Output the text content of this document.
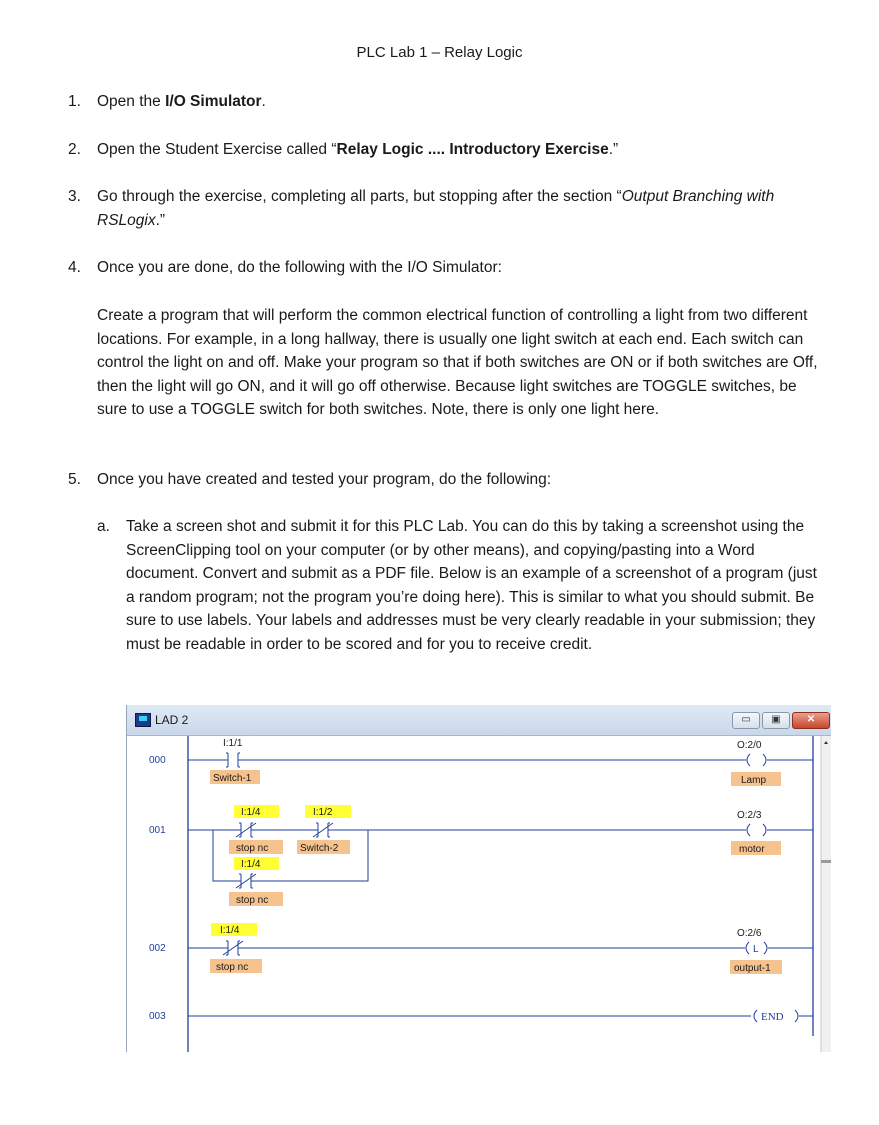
PLC Lab 1 – Relay Logic
1.	Open the I/O Simulator.
2.	Open the Student Exercise called “Relay Logic .... Introductory Exercise.”
3.	Go through the exercise, completing all parts, but stopping after the section “Output Branching with RSLogix.”
4.	Once you are done, do the following with the I/O Simulator:
Create a program that will perform the common electrical function of controlling a light from two different locations. For example, in a long hallway, there is usually one light switch at each end. Each switch can control the light on and off. Make your program so that if both switches are ON or if both switches are Off, then the light will go ON, and it will go off otherwise. Because light switches are TOGGLE switches, be sure to use a TOGGLE switch for both switches. Note, there is only one light here.
5.	Once you have created and tested your program, do the following:
a.	Take a screen shot and submit it for this PLC Lab. You can do this by taking a screenshot using the ScreenClipping tool on your computer (or by other means), and copying/pasting into a Word document. Convert and submit as a PDF file. Below is an example of a screenshot of a program (just a random program; not the program you’re doing here). This is similar to what you should submit. Be sure to use labels. Your labels and addresses must be very clearly readable in your submission; they must be readable in order to be scored and for you to receive credit.
LAD 2	▭	▣	✕
000
I:1/1
Switch-1
O:2/0
Lamp
001
I:1/4
stop nc
I:1/2
Switch-2
I:1/4
stop nc
O:2/3
motor
002
I:1/4
stop nc
O:2/6
L
output-1
003	END
